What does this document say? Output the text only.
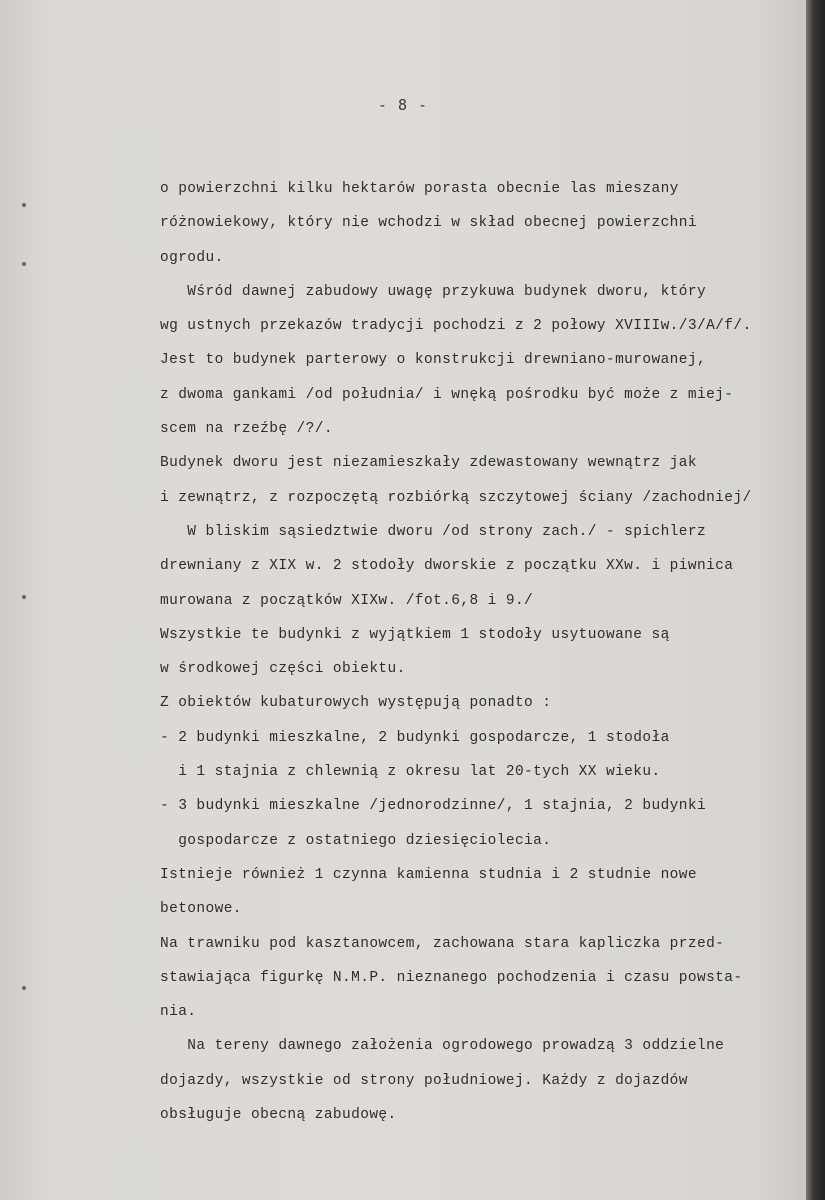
- 8 -
o powierzchni kilku hektarów porasta obecnie las mieszany
różnowiekowy, który nie wchodzi w skład obecnej powierzchni
ogrodu.
Wśród dawnej zabudowy uwagę przykuwa budynek dworu, który
wg ustnych przekazów tradycji pochodzi z 2 połowy XVIIIw./3/A/f/.
Jest to budynek parterowy o konstrukcji drewniano-murowanej,
z dwoma gankami /od południa/ i wnęką pośrodku być może z miej-
scem na rzeźbę /?/.
Budynek dworu jest niezamieszkały zdewastowany wewnątrz jak
i zewnątrz, z rozpoczętą rozbiórką szczytowej ściany /zachodniej/
W bliskim sąsiedztwie dworu /od strony zach./ - spichlerz
drewniany z XIX w. 2 stodoły dworskie z początku XXw. i piwnica
murowana z początków XIXw. /fot.6,8 i 9./
Wszystkie te budynki z wyjątkiem 1 stodoły usytuowane są
w środkowej części obiektu.
Z obiektów kubaturowych występują ponadto :
- 2 budynki mieszkalne, 2 budynki gospodarcze, 1 stodoła
i 1 stajnia z chlewnią z okresu lat 20-tych XX wieku.
- 3 budynki mieszkalne /jednorodzinne/, 1 stajnia, 2 budynki
gospodarcze z ostatniego dziesięciolecia.
Istnieje również 1 czynna kamienna studnia i 2 studnie nowe
betonowe.
Na trawniku pod kasztanowcem, zachowana stara kapliczka przed-
stawiająca figurkę N.M.P. nieznanego pochodzenia i czasu powsta-
nia.
Na tereny dawnego założenia ogrodowego prowadzą 3 oddzielne
dojazdy, wszystkie od strony południowej. Każdy z dojazdów
obsługuje obecną zabudowę.
